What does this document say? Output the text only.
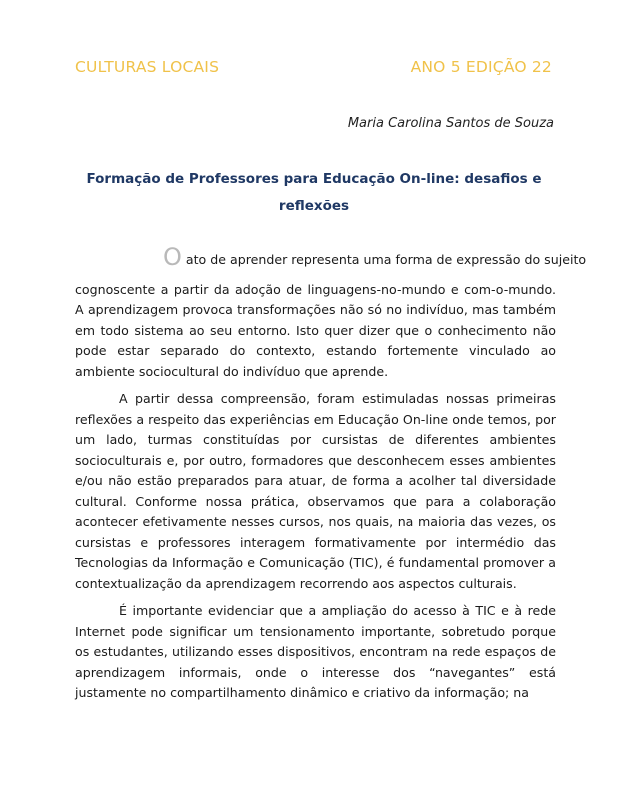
CULTURAS LOCAIS	ANO 5 EDIÇÃO 22
Maria Carolina Santos de Souza
Formação de Professores para Educação On-line: desafios e reflexões

O ato de aprender representa uma forma de expressão do sujeito cognoscente a partir da adoção de linguagens-no-mundo e com-o-mundo. A aprendizagem provoca transformações não só no indivíduo, mas também em todo sistema ao seu entorno. Isto quer dizer que o conhecimento não pode estar separado do contexto, estando fortemente vinculado ao ambiente sociocultural do indivíduo que aprende.

A partir dessa compreensão, foram estimuladas nossas primeiras reflexões a respeito das experiências em Educação On-line onde temos, por um lado, turmas constituídas por cursistas de diferentes ambientes socioculturais e, por outro, formadores que desconhecem esses ambientes e/ou não estão preparados para atuar, de forma a acolher tal diversidade cultural. Conforme nossa prática, observamos que para a colaboração acontecer efetivamente nesses cursos, nos quais, na maioria das vezes, os cursistas e professores interagem formativamente por intermédio das Tecnologias da Informação e Comunicação (TIC), é fundamental promover a contextualização da aprendizagem recorrendo aos aspectos culturais.

É importante evidenciar que a ampliação do acesso à TIC e à rede Internet pode significar um tensionamento importante, sobretudo porque os estudantes, utilizando esses dispositivos, encontram na rede espaços de aprendizagem informais, onde o interesse dos “navegantes” está justamente no compartilhamento dinâmico e criativo da informação; na
